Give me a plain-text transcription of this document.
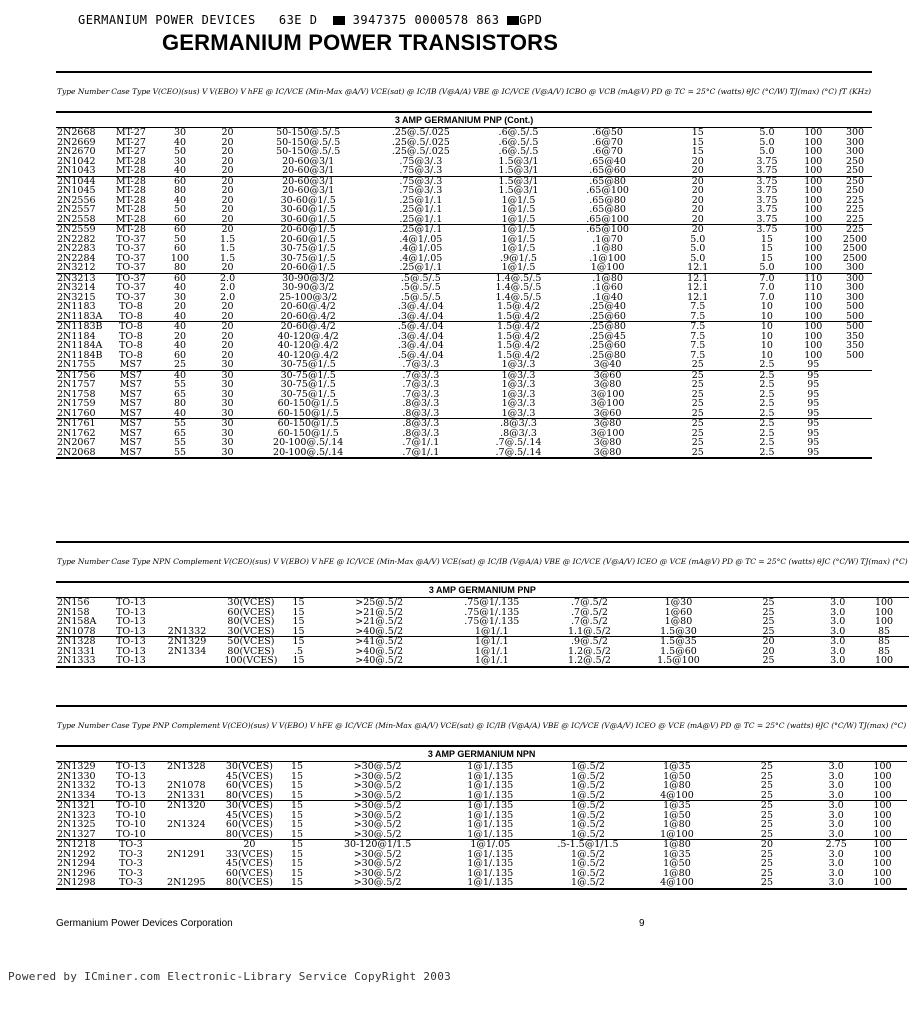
GERMANIUM POWER DEVICES 63E D	3947375 0000578 863 GPD
GERMANIUM POWER TRANSISTORS
Type Number	Case Type	V(CEO)(sus) V	V(EBO) V	hFE @ IC/VCE (Min-Max @A/V)	VCE(sat) @ IC/IB (V@A/A)	VBE @ IC/VCE (V@A/V)	ICBO @ VCB (mA@V)	PD @ TC = 25°C (watts)	θJC (°C/W)	TJ(max) (°C)	fT (KHz)
3 AMP GERMANIUM PNP (Cont.)											
2N2668	MT-27	30	20	50-150@.5/.5	.25@.5/.025	.6@.5/.5	.6@50	15	5.0	100	300
2N2669	MT-27	40	20	50-150@.5/.5	.25@.5/.025	.6@.5/.5	.6@70	15	5.0	100	300
2N2670	MT-27	50	20	50-150@.5/.5	.25@.5/.025	.6@.5/.5	.6@70	15	5.0	100	300
2N1042	MT-28	30	20	20-60@3/1	.75@3/.3	1.5@3/1	.65@40	20	3.75	100	250
2N1043	MT-28	40	20	20-60@3/1	.75@3/.3	1.5@3/1	.65@60	20	3.75	100	250
2N1044	MT-28	60	20	20-60@3/1	.75@3/.3	1.5@3/1	.65@80	20	3.75	100	250
2N1045	MT-28	80	20	20-60@3/1	.75@3/.3	1.5@3/1	.65@100	20	3.75	100	250
2N2556	MT-28	40	20	30-60@1/.5	.25@1/.1	1@1/.5	.65@80	20	3.75	100	225
2N2557	MT-28	50	20	30-60@1/.5	.25@1/.1	1@1/.5	.65@80	20	3.75	100	225
2N2558	MT-28	60	20	30-60@1/.5	.25@1/.1	1@1/.5	.65@100	20	3.75	100	225
2N2559	MT-28	60	20	20-60@1/.5	.25@1/.1	1@1/.5	.65@100	20	3.75	100	225
2N2282	TO-37	50	1.5	20-60@1/.5	.4@1/.05	1@1/.5	.1@70	5.0	15	100	2500
2N2283	TO-37	60	1.5	30-75@1/.5	.4@1/.05	1@1/.5	.1@80	5.0	15	100	2500
2N2284	TO-37	100	1.5	30-75@1/.5	.4@1/.05	.9@1/.5	.1@100	5.0	15	100	2500
2N3212	TO-37	80	20	20-60@1/.5	.25@1/.1	1@1/.5	1@100	12.1	5.0	100	300
2N3213	TO-37	60	2.0	30-90@3/2	.5@.5/.5	1.4@.5/.5	.1@80	12.1	7.0	110	300
2N3214	TO-37	40	2.0	30-90@3/2	.5@.5/.5	1.4@.5/.5	.1@60	12.1	7.0	110	300
2N3215	TO-37	30	2.0	25-100@3/2	.5@.5/.5	1.4@.5/.5	.1@40	12.1	7.0	110	300
2N1183	TO-8	20	20	20-60@.4/2	.3@.4/.04	1.5@.4/2	.25@40	7.5	10	100	500
2N1183A	TO-8	40	20	20-60@.4/2	.3@.4/.04	1.5@.4/2	.25@60	7.5	10	100	500
2N1183B	TO-8	40	20	20-60@.4/2	.5@.4/.04	1.5@.4/2	.25@80	7.5	10	100	500
2N1184	TO-8	20	20	40-120@.4/2	.3@.4/.04	1.5@.4/2	.25@45	7.5	10	100	350
2N1184A	TO-8	40	20	40-120@.4/2	.3@.4/.04	1.5@.4/2	.25@60	7.5	10	100	350
2N1184B	TO-8	60	20	40-120@.4/2	.5@.4/.04	1.5@.4/2	.25@80	7.5	10	100	500
2N1755	MS7	25	30	30-75@1/.5	.7@3/.3	1@3/.3	3@40	25	2.5	95	
2N1756	MS7	40	30	30-75@1/.5	.7@3/.3	1@3/.3	3@60	25	2.5	95	
2N1757	MS7	55	30	30-75@1/.5	.7@3/.3	1@3/.3	3@80	25	2.5	95	
2N1758	MS7	65	30	30-75@1/.5	.7@3/.3	1@3/.3	3@100	25	2.5	95	
2N1759	MS7	80	30	60-150@1/.5	.8@3/.3	1@3/.3	3@100	25	2.5	95	
2N1760	MS7	40	30	60-150@1/.5	.8@3/.3	1@3/.3	3@60	25	2.5	95	
2N1761	MS7	55	30	60-150@1/.5	.8@3/.3	.8@3/.3	3@80	25	2.5	95	
2N1762	MS7	65	30	60-150@1/.5	.8@3/.3	.8@3/.3	3@100	25	2.5	95	
2N2067	MS7	55	30	20-100@.5/.14	.7@1/.1	.7@.5/.14	3@80	25	2.5	95	
2N2068	MS7	55	30	20-100@.5/.14	.7@1/.1	.7@.5/.14	3@80	25	2.5	95	
Type Number	Case Type	NPN Complement	V(CEO)(sus) V	V(EBO) V	hFE @ IC/VCE (Min-Max @A/V)	VCE(sat) @ IC/IB (V@A/A)	VBE @ IC/VCE (V@A/V)	ICEO @ VCE (mA@V)	PD @ TC = 25°C (watts)	θJC (°C/W)	TJ(max) (°C)
3 AMP GERMANIUM PNP											
2N156	TO-13		30(VCES)	15	>25@.5/2	.75@1/.135	.7@.5/2	1@30	25	3.0	100
2N158	TO-13		60(VCES)	15	>21@.5/2	.75@1/.135	.7@.5/2	1@60	25	3.0	100
2N158A	TO-13		80(VCES)	15	>21@.5/2	.75@1/.135	.7@.5/2	1@80	25	3.0	100
2N1078	TO-13	2N1332	30(VCES)	15	>40@.5/2	1@1/.1	1.1@.5/2	1.5@30	25	3.0	85
2N1328	TO-13	2N1329	50(VCES)	15	>41@.5/2	1@1/.1	.9@.5/2	1.5@35	20	3.0	85
2N1331	TO-13	2N1334	80(VCES)	.5	>40@.5/2	1@1/.1	1.2@.5/2	1.5@60	20	3.0	85
2N1333	TO-13		100(VCES)	15	>40@.5/2	1@1/.1	1.2@.5/2	1.5@100	25	3.0	100
Type Number	Case Type	PNP Complement	V(CEO)(sus) V	V(EBO) V	hFE @ IC/VCE (Min-Max @A/V)	VCE(sat) @ IC/IB (V@A/A)	VBE @ IC/VCE (V@A/V)	ICEO @ VCE (mA@V)	PD @ TC = 25°C (watts)	θJC (°C/W)	TJ(max) (°C)
3 AMP GERMANIUM NPN											
2N1329	TO-13	2N1328	30(VCES)	15	>30@.5/2	1@1/.135	1@.5/2	1@35	25	3.0	100
2N1330	TO-13		45(VCES)	15	>30@.5/2	1@1/.135	1@.5/2	1@50	25	3.0	100
2N1332	TO-13	2N1078	60(VCES)	15	>30@.5/2	1@1/.135	1@.5/2	1@80	25	3.0	100
2N1334	TO-13	2N1331	80(VCES)	15	>30@.5/2	1@1/.135	1@.5/2	4@100	25	3.0	100
2N1321	TO-10	2N1320	30(VCES)	15	>30@.5/2	1@1/.135	1@.5/2	1@35	25	3.0	100
2N1323	TO-10		45(VCES)	15	>30@.5/2	1@1/.135	1@.5/2	1@50	25	3.0	100
2N1325	TO-10	2N1324	60(VCES)	15	>30@.5/2	1@1/.135	1@.5/2	1@80	25	3.0	100
2N1327	TO-10		80(VCES)	15	>30@.5/2	1@1/.135	1@.5/2	1@100	25	3.0	100
2N1218	TO-3		20	15	30-120@1/1.5	1@1/.05	.5-1.5@1/1.5	1@80	20	2.75	100
2N1292	TO-3	2N1291	33(VCES)	15	>30@.5/2	1@1/.135	1@.5/2	1@35	25	3.0	100
2N1294	TO-3		45(VCES)	15	>30@.5/2	1@1/.135	1@.5/2	1@50	25	3.0	100
2N1296	TO-3		60(VCES)	15	>30@.5/2	1@1/.135	1@.5/2	1@80	25	3.0	100
2N1298	TO-3	2N1295	80(VCES)	15	>30@.5/2	1@1/.135	1@.5/2	4@100	25	3.0	100
Germanium Power Devices Corporation	9
Powered by ICminer.com Electronic-Library Service CopyRight 2003
